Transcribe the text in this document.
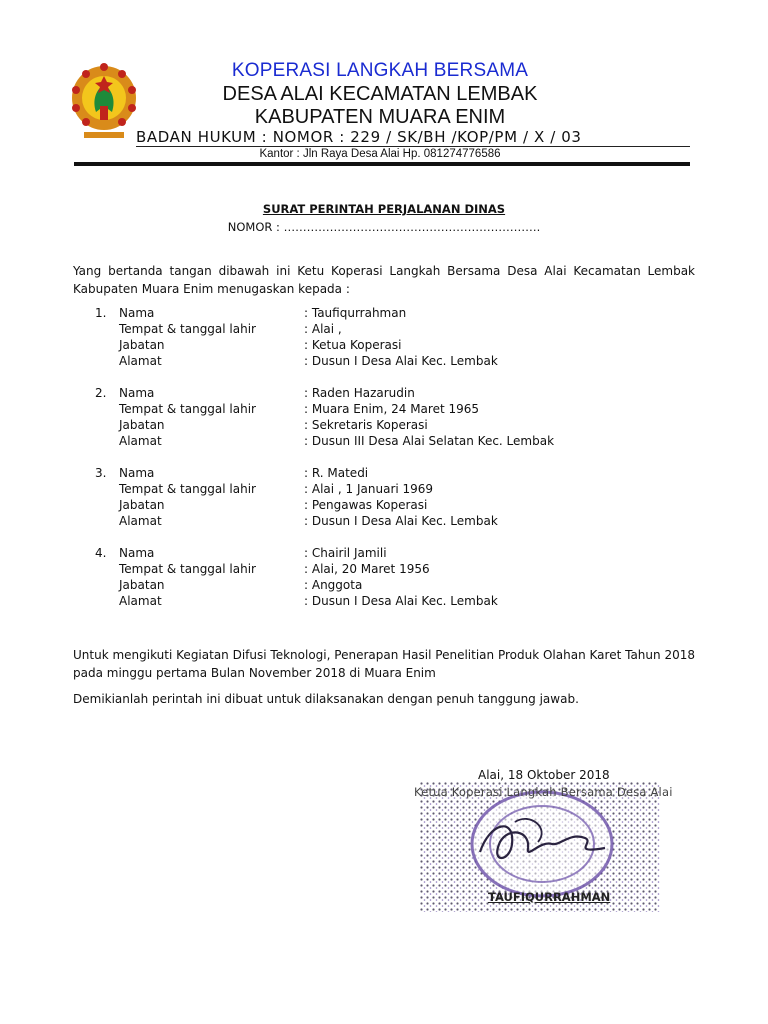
KOPERASI LANGKAH BERSAMA
DESA ALAI KECAMATAN LEMBAK
KABUPATEN MUARA ENIM
BADAN HUKUM : NOMOR : 229 / SK/BH /KOP/PM / X / 03
Kantor : Jln Raya Desa Alai Hp. 081274776586
SURAT PERINTAH PERJALANAN DINAS
NOMOR : ………………………………………………………….
Yang bertanda tangan dibawah ini Ketu Koperasi Langkah Bersama Desa Alai Kecamatan Lembak Kabupaten Muara Enim menugaskan kepada :
1.	Nama	: Taufiqurrahman
Tempat & tanggal lahir	: Alai ,
Jabatan	: Ketua Koperasi
Alamat	: Dusun I Desa Alai Kec. Lembak
2.	Nama	: Raden Hazarudin
Tempat & tanggal lahir	: Muara Enim, 24 Maret 1965
Jabatan	: Sekretaris Koperasi
Alamat	: Dusun III Desa Alai Selatan Kec. Lembak
3.	Nama	: R. Matedi
Tempat & tanggal lahir	: Alai , 1 Januari 1969
Jabatan	: Pengawas Koperasi
Alamat	: Dusun I Desa Alai Kec. Lembak
4.	Nama	: Chairil Jamili
Tempat & tanggal lahir	: Alai, 20 Maret 1956
Jabatan	: Anggota
Alamat	: Dusun I Desa Alai Kec. Lembak
Untuk mengikuti Kegiatan Difusi Teknologi, Penerapan Hasil Penelitian Produk Olahan Karet Tahun 2018 pada minggu pertama Bulan November 2018 di Muara Enim
Demikianlah perintah ini dibuat untuk dilaksanakan dengan penuh tanggung jawab.
Alai, 18 Oktober 2018
Ketua Koperasi Langkah Bersama Desa Alai
TAUFIQURRAHMAN
